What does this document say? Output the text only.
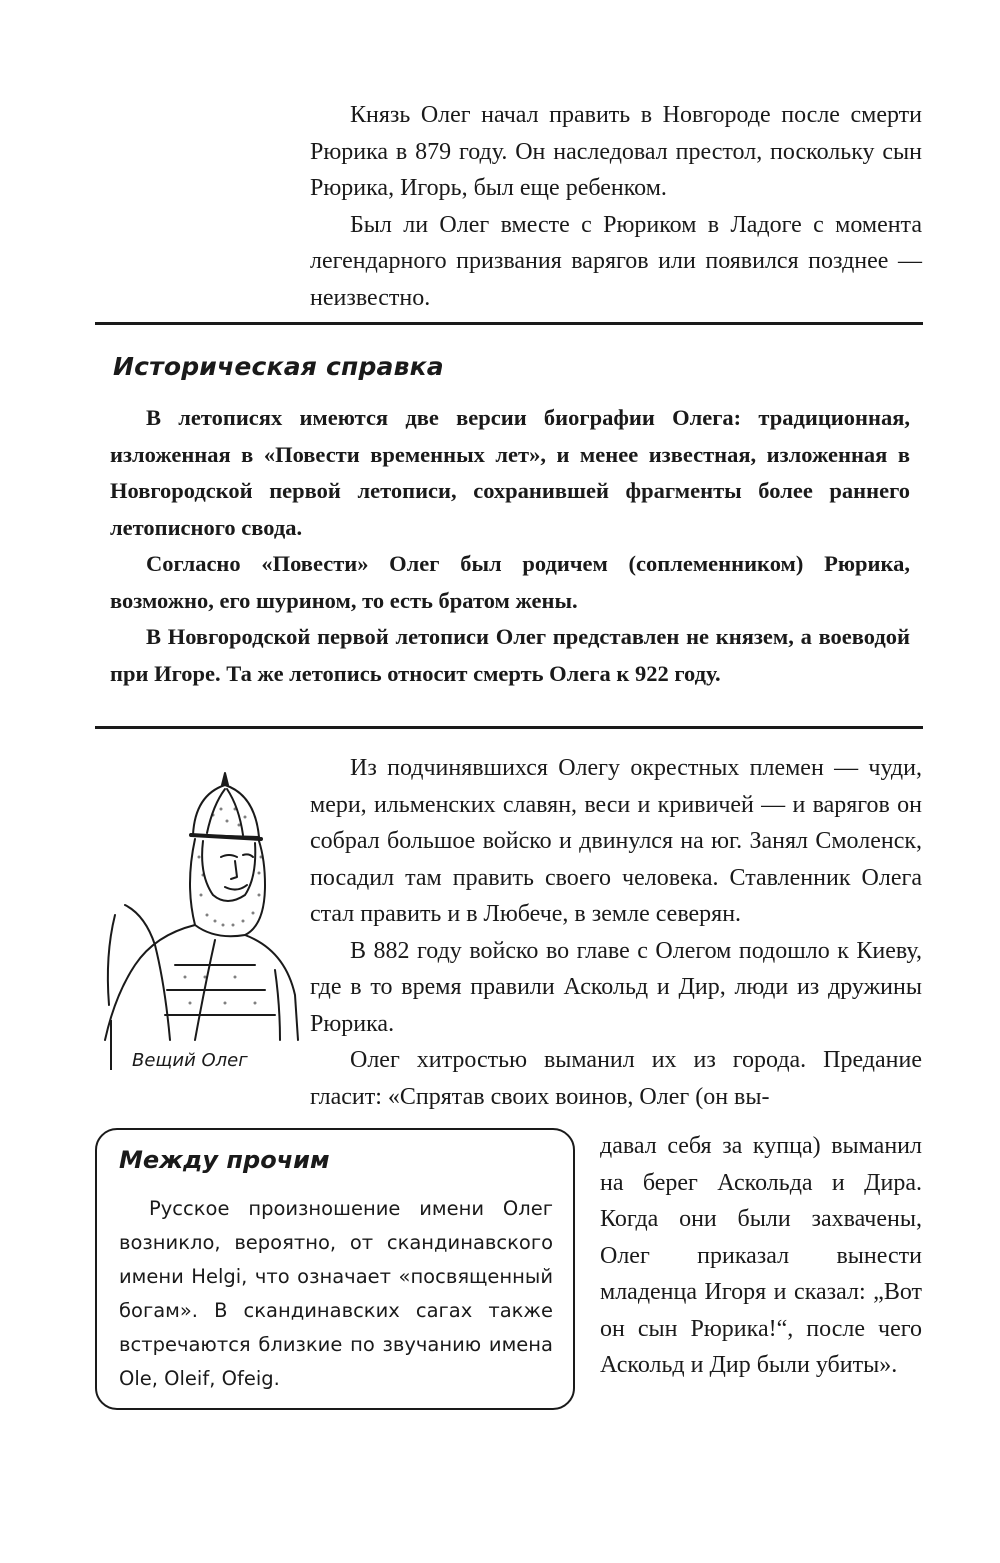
Князь Олег начал править в Новгороде после смерти Рюрика в 879 году. Он наследовал престол, поскольку сын Рюрика, Игорь, был еще ребенком.

Был ли Олег вместе с Рюриком в Ладоге с момента легендарного призвания варягов или появился позднее — неизвестно.

Историческая справка

В летописях имеются две версии биографии Олега: традиционная, изложенная в «Повести временных лет», и менее известная, изложенная в Новгородской первой летописи, сохранившей фрагменты более раннего летописного свода.

Согласно «Повести» Олег был родичем (соплеменником) Рюрика, возможно, его шурином, то есть братом жены.

В Новгородской первой летописи Олег представлен не князем, а воеводой при Игоре. Та же летопись относит смерть Олега к 922 году.

Вещий Олег

Из подчинявшихся Олегу окрестных племен — чуди, мери, ильменских славян, веси и кривичей — и варягов он собрал большое войско и двинулся на юг. Занял Смоленск, посадил там править своего человека. Ставленник Олега стал править и в Любече, в земле северян.

В 882 году войско во главе с Олегом подошло к Киеву, где в то время правили Аскольд и Дир, люди из дружины Рюрика.

Олег хитростью выманил их из города. Предание гласит: «Спрятав своих воинов, Олег (он вы-

давал себя за купца) выманил на берег Аскольда и Дира. Когда они были захвачены, Олег приказал вынести младенца Игоря и сказал: „Вот он сын Рюрика!“, после чего Аскольд и Дир были убиты».

Между прочим

Русское произношение имени Олег возникло, вероятно, от скандинавского имени Helgi, что означает «посвященный богам». В скандинавских сагах также встречаются близкие по звучанию имена Ole, Oleif, Ofeig.
